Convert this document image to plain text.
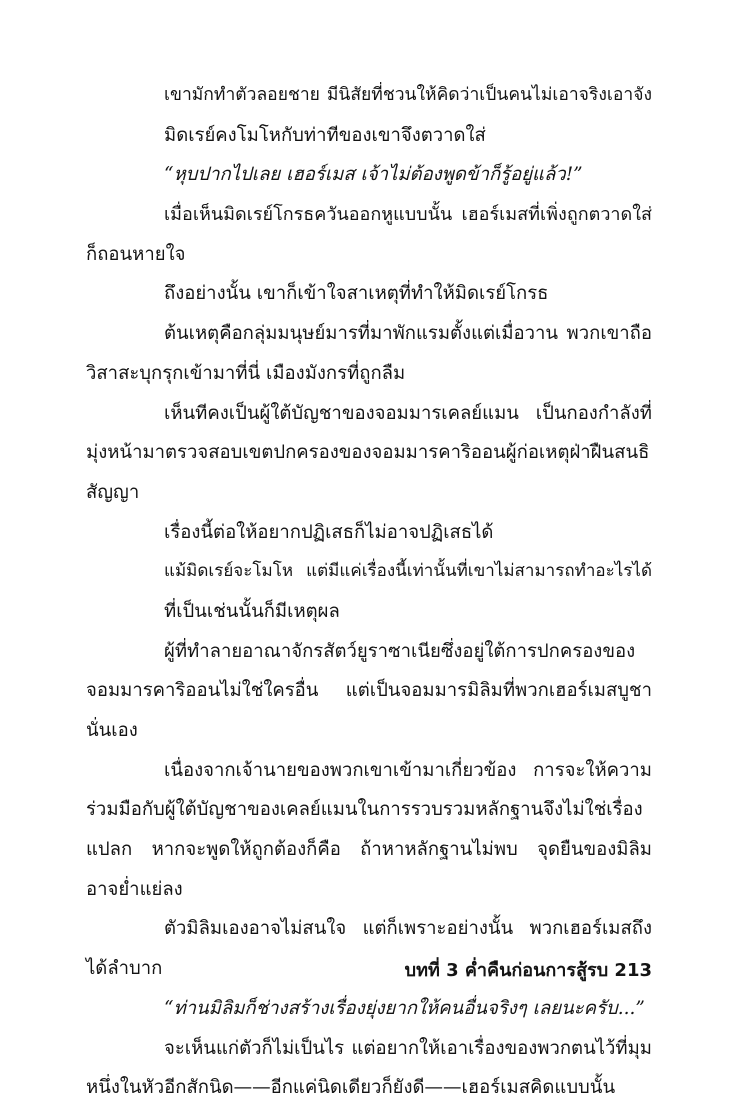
เขามักทำตัวลอยชาย มีนิสัยที่ชวนให้คิดว่าเป็นคนไม่เอาจริงเอาจัง
มิดเรย์คงโมโหกับท่าทีของเขาจึงตวาดใส่
“หุบปากไปเลย เฮอร์เมส เจ้าไม่ต้องพูดข้าก็รู้อยู่แล้ว!”
เมื่อเห็นมิดเรย์โกรธควันออกหูแบบนั้น เฮอร์เมสที่เพิ่งถูกตวาดใส่
ก็ถอนหายใจ
ถึงอย่างนั้น เขาก็เข้าใจสาเหตุที่ทำให้มิดเรย์โกรธ
ต้นเหตุคือกลุ่มมนุษย์มารที่มาพักแรมตั้งแต่เมื่อวาน พวกเขาถือ
วิสาสะบุกรุกเข้ามาที่นี่ เมืองมังกรที่ถูกลืม
เห็นทีคงเป็นผู้ใต้บัญชาของจอมมารเคลย์แมน เป็นกองกำลังที่
มุ่งหน้ามาตรวจสอบเขตปกครองของจอมมารคาริออนผู้ก่อเหตุฝ่าฝืนสนธิ
สัญญา
เรื่องนี้ต่อให้อยากปฏิเสธก็ไม่อาจปฏิเสธได้
แม้มิดเรย์จะโมโห แต่มีแค่เรื่องนี้เท่านั้นที่เขาไม่สามารถทำอะไรได้
ที่เป็นเช่นนั้นก็มีเหตุผล
ผู้ที่ทำลายอาณาจักรสัตว์ยูราซาเนียซึ่งอยู่ใต้การปกครองของ
จอมมารคาริออนไม่ใช่ใครอื่น แต่เป็นจอมมารมิลิมที่พวกเฮอร์เมสบูชา
นั่นเอง
เนื่องจากเจ้านายของพวกเขาเข้ามาเกี่ยวข้อง การจะให้ความ
ร่วมมือกับผู้ใต้บัญชาของเคลย์แมนในการรวบรวมหลักฐานจึงไม่ใช่เรื่อง
แปลก หากจะพูดให้ถูกต้องก็คือ ถ้าหาหลักฐานไม่พบ จุดยืนของมิลิม
อาจย่ำแย่ลง
ตัวมิลิมเองอาจไม่สนใจ แต่ก็เพราะอย่างนั้น พวกเฮอร์เมสถึง
ได้ลำบาก
“ท่านมิลิมก็ช่างสร้างเรื่องยุ่งยากให้คนอื่นจริงๆ เลยนะครับ...”
จะเห็นแก่ตัวก็ไม่เป็นไร แต่อยากให้เอาเรื่องของพวกตนไว้ที่มุม
หนึ่งในหัวอีกสักนิด——อีกแค่นิดเดียวก็ยังดี——เฮอร์เมสคิดแบบนั้น
บทที่ 3 ค่ำคืนก่อนการสู้รบ 213
